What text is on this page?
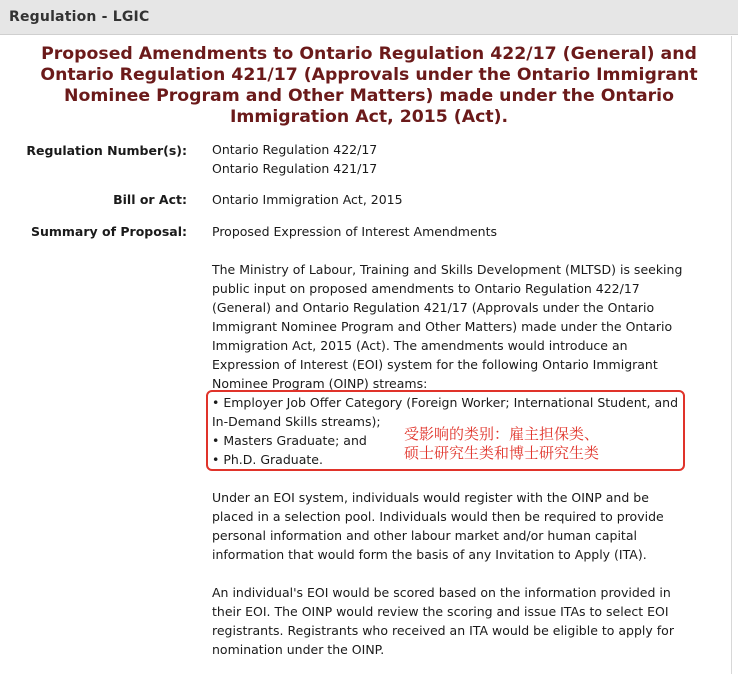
Regulation - LGIC
Proposed Amendments to Ontario Regulation 422/17 (General) and
Ontario Regulation 421/17 (Approvals under the Ontario Immigrant
Nominee Program and Other Matters) made under the Ontario
Immigration Act, 2015 (Act).
Regulation Number(s): Ontario Regulation 422/17
Ontario Regulation 421/17
Bill or Act: Ontario Immigration Act, 2015
Summary of Proposal: Proposed Expression of Interest Amendments
The Ministry of Labour, Training and Skills Development (MLTSD) is seeking
public input on proposed amendments to Ontario Regulation 422/17
(General) and Ontario Regulation 421/17 (Approvals under the Ontario
Immigrant Nominee Program and Other Matters) made under the Ontario
Immigration Act, 2015 (Act). The amendments would introduce an
Expression of Interest (EOI) system for the following Ontario Immigrant
Nominee Program (OINP) streams:
• Employer Job Offer Category (Foreign Worker; International Student, and
In-Demand Skills streams);
• Masters Graduate; and
• Ph.D. Graduate.
受影响的类别：雇主担保类、
硕士研究生类和博士研究生类
Under an EOI system, individuals would register with the OINP and be
placed in a selection pool. Individuals would then be required to provide
personal information and other labour market and/or human capital
information that would form the basis of any Invitation to Apply (ITA).
An individual's EOI would be scored based on the information provided in
their EOI. The OINP would review the scoring and issue ITAs to select EOI
registrants. Registrants who received an ITA would be eligible to apply for
nomination under the OINP.
